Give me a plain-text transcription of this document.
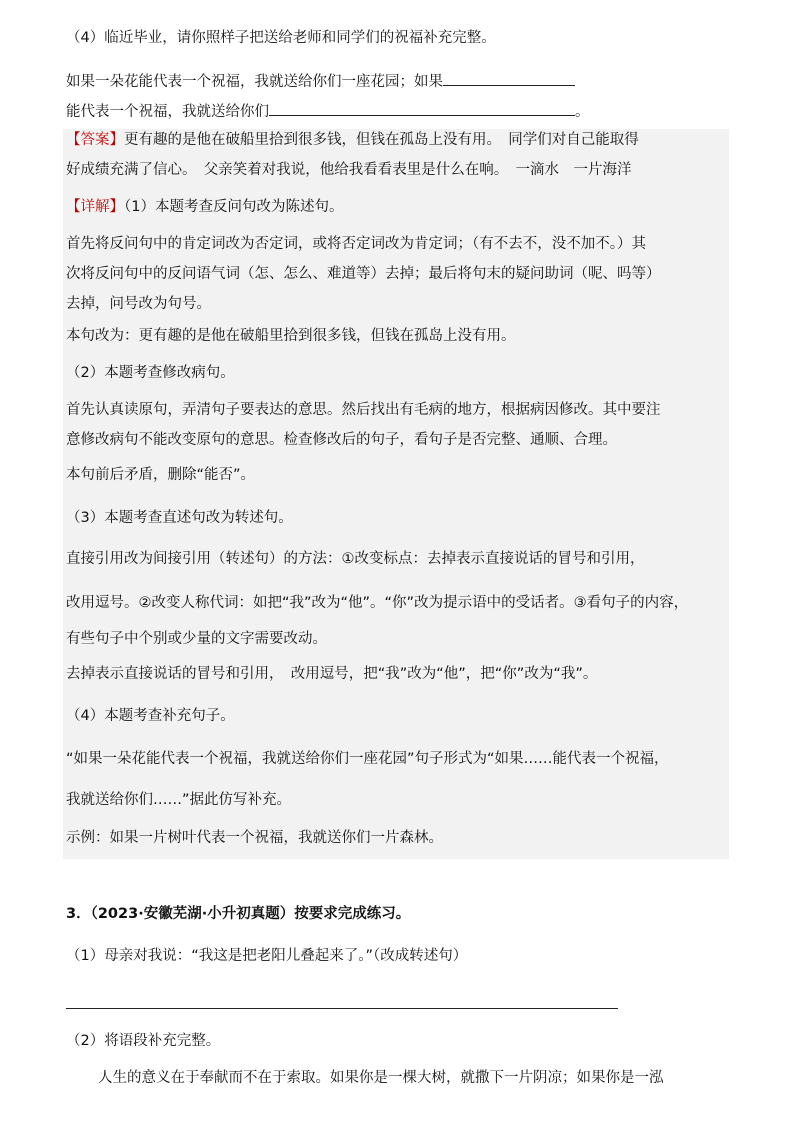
（4）临近毕业，请你照样子把送给老师和同学们的祝福补充完整。
如果一朵花能代表一个祝福，我就送给你们一座花园；如果
能代表一个祝福，我就送给你们	。
【答案】更有趣的是他在破船里拾到很多钱，但钱在孤岛上没有用。　同学们对自己能取得
好成绩充满了信心。　父亲笑着对我说，他给我看看表里是什么在响。　一滴水　一片海洋
【详解】（1）本题考查反问句改为陈述句。
首先将反问句中的肯定词改为否定词，或将否定词改为肯定词；（有不去不，没不加不。）其
次将反问句中的反问语气词（怎、怎么、难道等）去掉；最后将句末的疑问助词（呢、吗等）
去掉，问号改为句号。
本句改为：更有趣的是他在破船里拾到很多钱，但钱在孤岛上没有用。
（2）本题考查修改病句。
首先认真读原句，弄清句子要表达的意思。然后找出有毛病的地方，根据病因修改。其中要注
意修改病句不能改变原句的意思。检查修改后的句子，看句子是否完整、通顺、合理。
本句前后矛盾，删除“能否”。
（3）本题考查直述句改为转述句。
直接引用改为间接引用（转述句）的方法：①改变标点：去掉表示直接说话的冒号和引用，
改用逗号。②改变人称代词：如把“我”改为“他”。“你”改为提示语中的受话者。③看句子的内容，
有些句子中个别或少量的文字需要改动。
去掉表示直接说话的冒号和引用，　改用逗号，把“我”改为“他”，把“你”改为“我”。
（4）本题考查补充句子。
“如果一朵花能代表一个祝福，我就送给你们一座花园”句子形式为“如果……能代表一个祝福，
我就送给你们……”据此仿写补充。
示例：如果一片树叶代表一个祝福，我就送你们一片森林。
3．（2023·安徽芜湖·小升初真题）按要求完成练习。
（1）母亲对我说：“我这是把老阳儿叠起来了。”（改成转述句）
（2）将语段补充完整。
人生的意义在于奉献而不在于索取。如果你是一棵大树，就撒下一片阴凉；如果你是一泓
